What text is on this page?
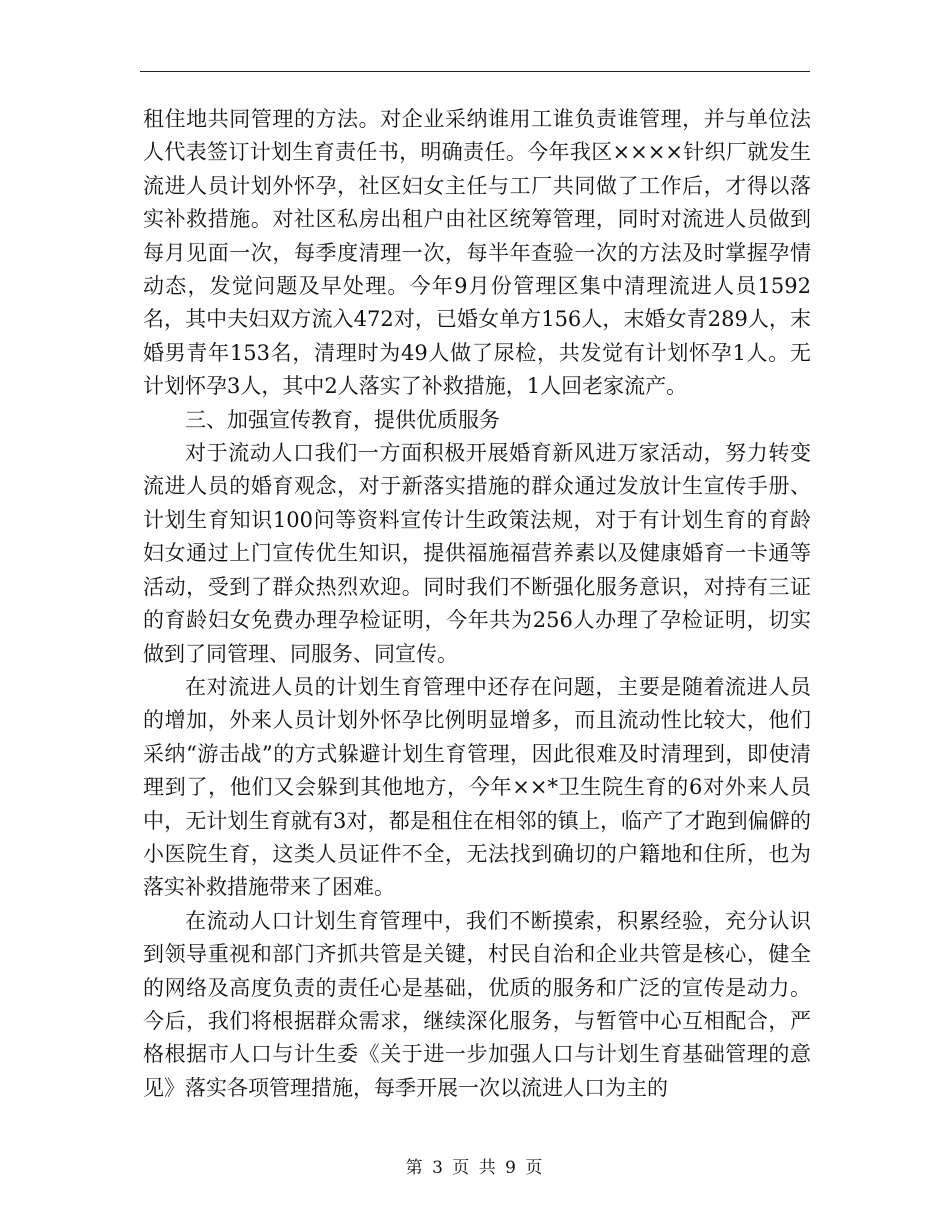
租住地共同管理的方法。对企业采纳谁用工谁负责谁管理，并与单位法人代表签订计划生育责任书，明确责任。今年我区××××针织厂就发生流进人员计划外怀孕，社区妇女主任与工厂共同做了工作后，才得以落实补救措施。对社区私房出租户由社区统筹管理，同时对流进人员做到每月见面一次，每季度清理一次，每半年查验一次的方法及时掌握孕情动态，发觉问题及早处理。今年9月份管理区集中清理流进人员1592名，其中夫妇双方流入472对，已婚女单方156人，末婚女青289人，末婚男青年153名，清理时为49人做了尿检，共发觉有计划怀孕1人。无计划怀孕3人，其中2人落实了补救措施，1人回老家流产。

三、加强宣传教育，提供优质服务

对于流动人口我们一方面积极开展婚育新风进万家活动，努力转变流进人员的婚育观念，对于新落实措施的群众通过发放计生宣传手册、计划生育知识100问等资料宣传计生政策法规，对于有计划生育的育龄妇女通过上门宣传优生知识，提供福施福营养素以及健康婚育一卡通等活动，受到了群众热烈欢迎。同时我们不断强化服务意识，对持有三证的育龄妇女免费办理孕检证明，今年共为256人办理了孕检证明，切实做到了同管理、同服务、同宣传。

在对流进人员的计划生育管理中还存在问题，主要是随着流进人员的增加，外来人员计划外怀孕比例明显增多，而且流动性比较大，他们采纳“游击战”的方式躲避计划生育管理，因此很难及时清理到，即使清理到了，他们又会躲到其他地方，今年××*卫生院生育的6对外来人员中，无计划生育就有3对，都是租住在相邻的镇上，临产了才跑到偏僻的小医院生育，这类人员证件不全，无法找到确切的户籍地和住所，也为落实补救措施带来了困难。

在流动人口计划生育管理中，我们不断摸索，积累经验，充分认识到领导重视和部门齐抓共管是关键，村民自治和企业共管是核心，健全的网络及高度负责的责任心是基础，优质的服务和广泛的宣传是动力。今后，我们将根据群众需求，继续深化服务，与暂管中心互相配合，严格根据市人口与计生委《关于进一步加强人口与计划生育基础管理的意见》落实各项管理措施，每季开展一次以流进人口为主的

第 3 页 共 9 页
